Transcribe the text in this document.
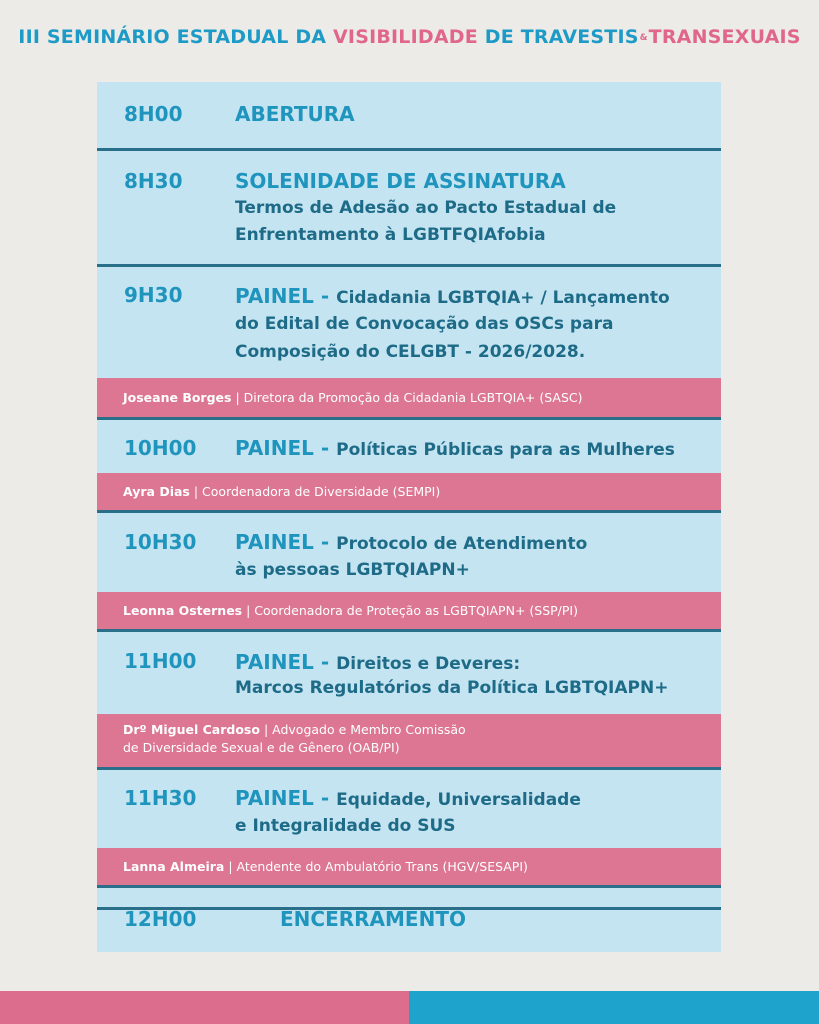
III SEMINÁRIO ESTADUAL DA VISIBILIDADE DE TRAVESTIS&TRANSEXUAIS
8H00	ABERTURA
8H30	SOLENIDADE DE ASSINATURA
Termos de Adesão ao Pacto Estadual de
Enfrentamento à LGBTFQIAfobia
9H30	PAINEL - Cidadania LGBTQIA+ / Lançamento
do Edital de Convocação das OSCs para
Composição do CELGBT - 2026/2028.
Joseane Borges
| Diretora da Promoção da Cidadania LGBTQIA+ (SASC)
10H00 PAINEL - Políticas Públicas para as Mulheres
Ayra Dias
| Coordenadora de Diversidade (SEMPI)
10H30 PAINEL - Protocolo de Atendimento
às pessoas LGBTQIAPN+
Leonna Osternes
| Coordenadora de Proteção as LGBTQIAPN+ (SSP/PI)
11H00 PAINEL - Direitos e Deveres:
Marcos Regulatórios da Política LGBTQIAPN+
Drº Miguel Cardoso | Advogado e Membro Comissão
de Diversidade Sexual e de Gênero (OAB/PI)
11H30 PAINEL - Equidade, Universalidade
e Integralidade do SUS
Lanna Almeira
| Atendente do Ambulatório Trans (HGV/SESAPI)
12H00	ENCERRAMENTO
